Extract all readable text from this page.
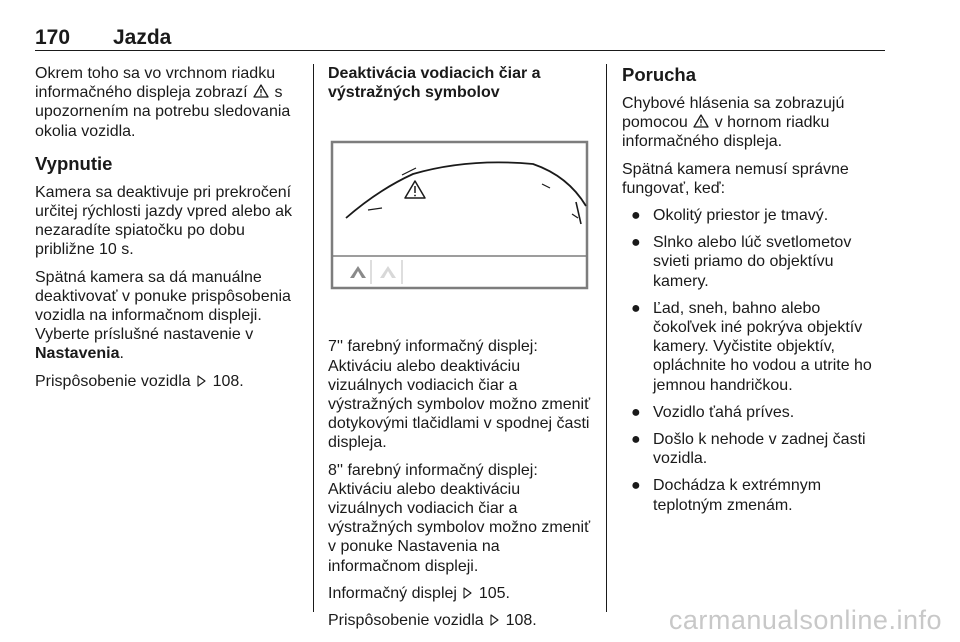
170 Jazda

Okrem toho sa vo vrchnom riadku informačného displeja zobrazí s upozornením na potrebu sledovania okolia vozidla.

Vypnutie

Kamera sa deaktivuje pri prekročení určitej rýchlosti jazdy vpred alebo ak nezaradíte spiatočku po dobu približne 10 s.

Spätná kamera sa dá manuálne deaktivovať v ponuke prispôsobenia vozidla na informačnom displeji. Vyberte príslušné nastavenie v Nastavenia.

Prispôsobenie vozidla 108.

Deaktivácia vodiacich čiar a výstražných symbolov

7'' farebný informačný displej: Aktiváciu alebo deaktiváciu vizuálnych vodiacich čiar a výstražných symbolov možno zmeniť dotykovými tlačidlami v spodnej časti displeja.

8'' farebný informačný displej: Aktiváciu alebo deaktiváciu vizuálnych vodiacich čiar a výstražných symbolov možno zmeniť v ponuke Nastavenia na informačnom displeji.

Informačný displej 105.

Prispôsobenie vozidla 108.

Porucha

Chybové hlásenia sa zobrazujú pomocou v hornom riadku informačného displeja.

Spätná kamera nemusí správne fungovať, keď:

● Okolitý priestor je tmavý.
● Slnko alebo lúč svetlometov svieti priamo do objektívu kamery.
● Ľad, sneh, bahno alebo čokoľvek iné pokrýva objektív kamery. Vyčistite objektív, opláchnite ho vodou a utrite ho jemnou handričkou.
● Vozidlo ťahá príves.
● Došlo k nehode v zadnej časti vozidla.
● Dochádza k extrémnym teplotným zmenám.
carmanualsonline.info
